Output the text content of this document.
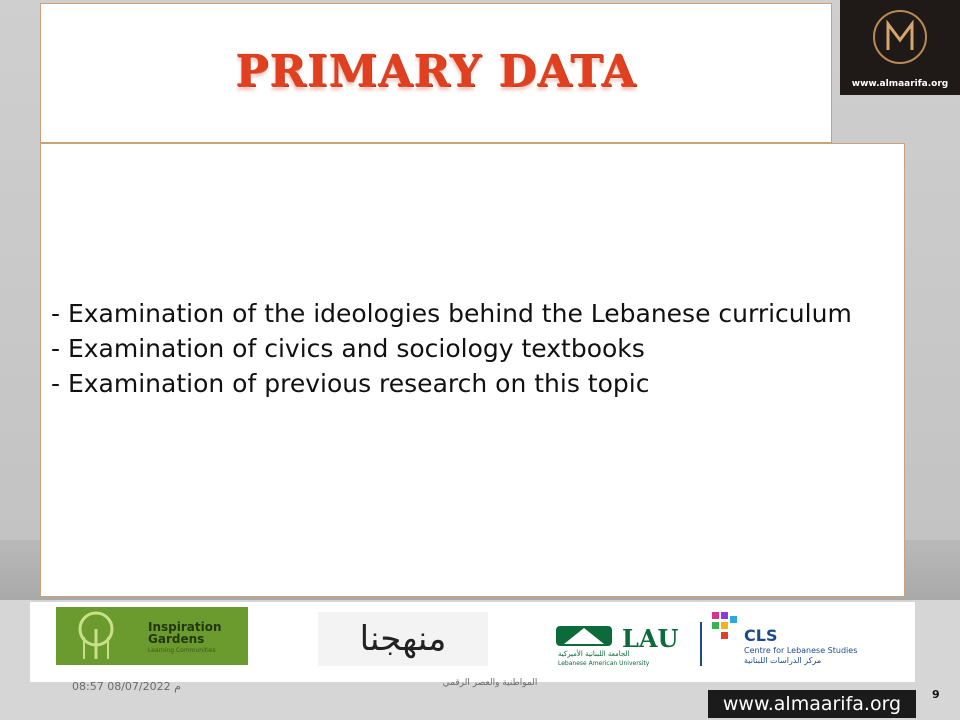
PRIMARY DATA	www.almaarifa.org
- Examination of the ideologies behind the Lebanese curriculum
- Examination of civics and sociology textbooks
- Examination of previous research on this topic
Inspiration Gardens
Learning Communities	منهجنا	LAU
الجامعة اللبنانية الأميركية
Lebanese American University
CLS
Centre for Lebanese Studies
مركز الدراسات اللبنانية
08:57 08/07/2022 م	المواطنية والعصر الرقمي
www.almaarifa.org	9
